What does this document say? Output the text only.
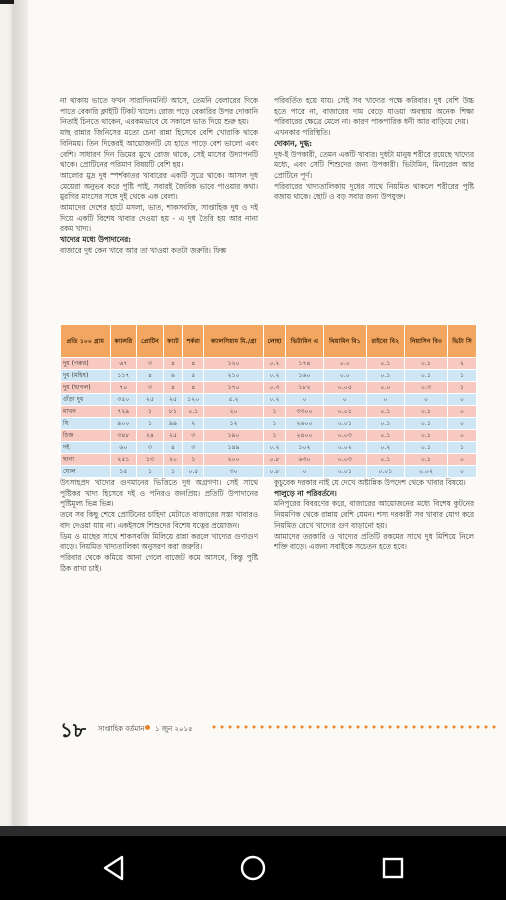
না থাকায় ভাতে ফখন সারাদিনমনিট আসে, তেমনি বেলারের দিকে পাতে বেকারি ক্লাইটি টিকট খালে। রোজ পড়ে বেকারির উপর দোকানি নিতাই চিনতে থাকেন, এরকমভাবে যে সকালে ভাত দিয়ে শুরু হয়।

মাছ রান্নার জিনিসের মতো চেনা রান্না হিসেবে বেশি খোরাকি থাকে বিনিময়। তিন দিকেরই আয়োজনটি যে হাতে পাড়ে বেশ ভালো এবং বেশি। সাধারণ দিন ডিমের মুখে রোজ থাকে, সেই মাসের উদ্যাপনটি থাকে। প্রোটিনের পরিমাণ বিষয়টি বেশি হয়।

আলোর মুদ্র দুধ স্পর্শকাতর খাবারের একটি সূত্রে থাকে। আসল দুধ মেয়েরা অনুভব করে পুষ্টি পাই, সবারই জৈবিক ভাবে পাওয়ার কথা। মুরগির মাংসের সঙ্গে দুই থেকে এক বেলা।

আমাদের দেশের হাটে মসলা, ভাত, শাকসবজি, সাপ্তাহিক দুধ ও দই দিয়ে একটি বিশেষ খাবার দেওয়া হয় - এ দুধ তৈরি হয় আর নানা রকম খাদ্য।

খাদ্যের মধ্যে উপাদানের:

বাজারে দুধ কেন খাবে আর তা খাওয়া কতটা জরুরি। ফিক্স

পরিবর্তিত হয়ে যায়। সেই সব খাদ্যের পক্ষে করিবার। দুধ বেশি উচ্চ হতে পারে না, বাজারের দাম বেড়ে যাওয়া অবস্থায় অনেক শিক্ষা পরিবারের ক্ষেত্রে মেলে না। কারণ পাকপারিক ধনী আর বাড়িয়ে দেয়।

এখনকার পরিস্থিতি।

দোকান, দুগ্ধ:

দুধ-ই উপকারী, তেমন একটি খাবার। দুধটা মানুষ শরীরে রয়েছে খাদ্যের মধ্যে, এবং সেটি শিশুদের জন্য উপকারী। ভিটামিন, মিনারেল আর প্রোটিনে পূর্ণ।

পরিবারের খাদ্যতালিকায় দুধের সাথে নিয়মিত থাকলে শরীরের পুষ্টি বজায় থাকে। ছোট ও বড় সবার জন্য উপযুক্ত।

প্রতি ১০০ গ্রাম	ক্যালরি	প্রোটিন	ফ্যাট	শর্করা	ক্যালসিয়াম মি./গ্রা	লোহা	ভিটামিন এ	থিয়ামিন বি১	রাইবো বি২	নিয়াসিন বি৩	ভিটা সি
দুধ (গরুর)	৬৭	৩	৪	৪	১২০	০.২	১৭৪	০.০	০.১	০.১	২
দুধ (মহিষ)	১১৭	৪	৬	৫	২১০	০.২	১৬০	০.০	০.১	০.১	১
দুধ (ছাগল)	৭০	৩	৪	৪	১৭০	০.৩	১৮২	০.০৫	০.০	০.৩	১
গুঁড়া দুধ	৩৫০	২৫	২৫	১২০	৫.২	০.২	০	০	০	০	০
মাখন	৭২৯	১	৮১	০.১	২০	১	৩৩০০	০.০১	০.১	০.১	০
ঘি	৯০০	১	৯৯	২	১২	১	২৬০০	০.০১	০.১	০.১	০
চিজ	৩৪৮	২৪	২৫	৩	১৯০	১	২৪০০	০.০৩	০.১	০.১	০
দই	৬০	৩	৪	৩	১৪৯	০.২	১০২	০.০২	০.২	০.১	১
ছানা	২৫১	১৩	২০	১	২০০	০.৮	৬৩০	০.০৩	০.১	০.১	০
ঘোল	১৫	১	১	০.৫	৩০	০.৮	০	০.০১	০.০১	০.০২	০

উৎসাহপ্রদ খাদ্যের গুণমানের ভিত্তিতে দুধ অগ্রগণ্য। সেই সাথে পুষ্টিকর খাদ্য হিসেবে দই ও পনিরও জনপ্রিয়। প্রতিটি উপাদানের পুষ্টিমূল্য ভিন্ন ভিন্ন।

তবে সব কিছু শেষে প্রোটিনের চাহিদা মেটাতে বাজারের সস্তা খাবারও বাদ দেওয়া যায় না। একইসঙ্গে শিশুদের বিশেষ যত্নের প্রয়োজন।

ডিম ও মাছের সাথে শাকসবজি মিলিয়ে রান্না করলে খাদ্যের গুণাগুণ বাড়ে। নিয়মিত খাদ্যতালিকা অনুসরণ করা জরুরি।

পরিবার থেকে কমিয়ে আনা গেলে বাজেট কমে আসবে, কিন্তু পুষ্টি ঠিক রাখা চাই।

কুচুবেক দরকার নাই যে দেখে অষ্টান্নিক উপদেশ থেকে খাবার বিষয়ে।

পালুড়ে না পরিবর্তনে।

মনিপুরের বিবরণের করে, বাজারের আয়োজনের মধ্যে বিশেষ কুটনের নিয়মণিক থেকে রান্নায় বেশি যেমন। শস্য দরকারী সব খাবার যোগ করে নিয়মিত রেখে খাদ্যের গুণ বাড়ানো হয়।

আমাদের তরকারি ও খাদ্যের প্রতিটি রকমের সাথে দুধ মিশিয়ে নিলে শক্তি বাড়ে। এজন্য সবাইকে সচেতন হতে হবে।

১৮ সাপ্তাহিক বর্তমান ১ জুন ২০১৫
